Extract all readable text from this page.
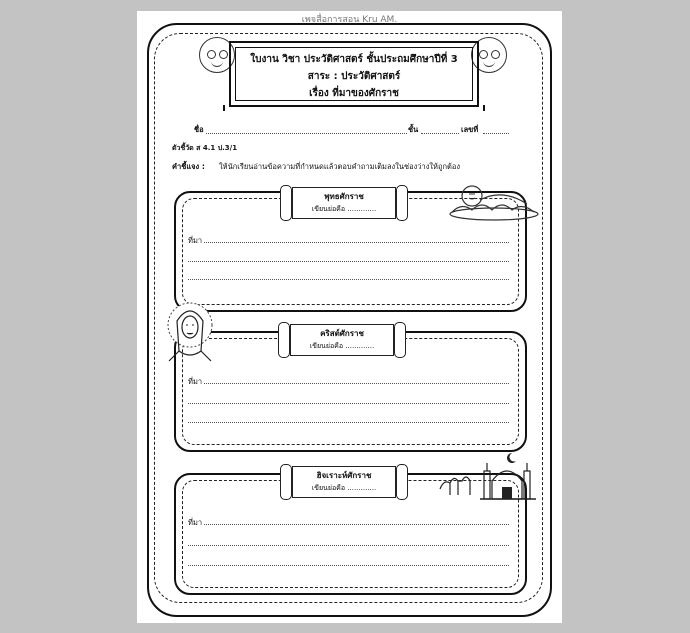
เพจสื่อการสอน Kru AM.
ใบงาน วิชา ประวัติศาสตร์ ชั้นประถมศึกษาปีที่ 3
สาระ : ประวัติศาสตร์
เรื่อง ที่มาของศักราช
ชื่อ	ชั้น	เลขที่
ตัวชี้วัด ส 4.1 ป.3/1
คำชี้แจง : ให้นักเรียนอ่านข้อความที่กำหนดแล้วตอบคำถามเติมลงในช่องว่างให้ถูกต้อง
พุทธศักราช
เขียนย่อคือ .............
ที่มา
คริสต์ศักราช
เขียนย่อคือ .............
ที่มา
ฮิจเราะห์ศักราช
เขียนย่อคือ .............
ที่มา
